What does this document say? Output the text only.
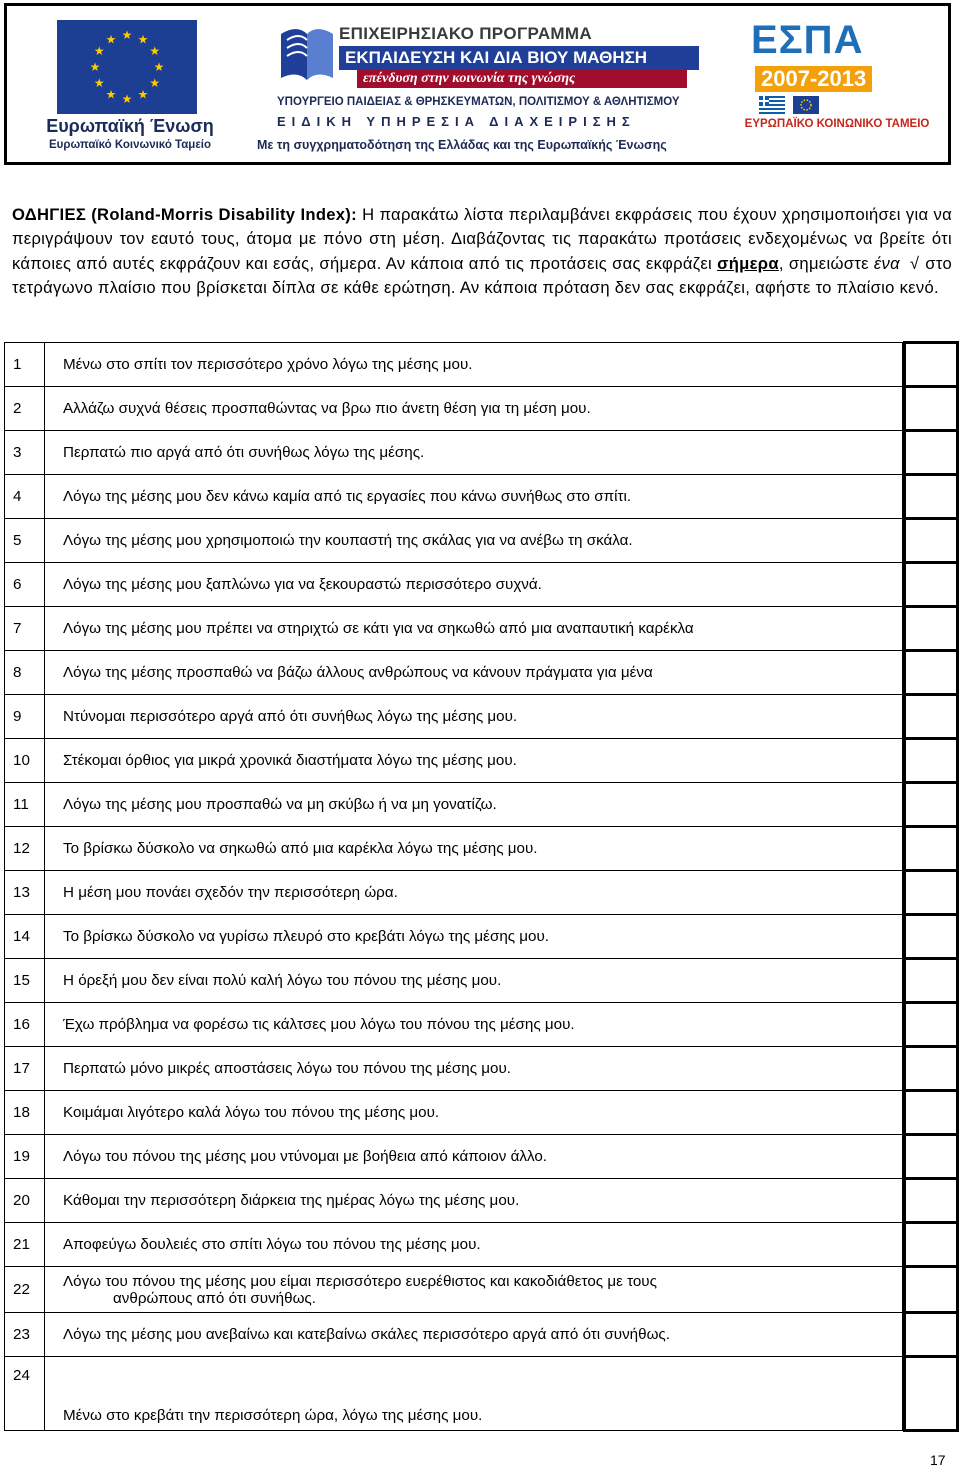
★ ★
★
★
★
★
★
★
★
★
★
★
Ευρωπαϊκή Ένωση
Ευρωπαϊκό Κοινωνικό Ταμείο
ΕΠΙΧΕΙΡΗΣΙΑΚΟ ΠΡΟΓΡΑΜΜΑ
ΕΚΠΑΙΔΕΥΣΗ ΚΑΙ ΔΙΑ ΒΙΟΥ ΜΑΘΗΣΗ
επένδυση στην κοινωνία της γνώσης
ΥΠΟΥΡΓΕΙΟ ΠΑΙΔΕΙΑΣ & ΘΡΗΣΚΕΥΜΑΤΩΝ, ΠΟΛΙΤΙΣΜΟΥ & ΑΘΛΗΤΙΣΜΟΥ
ΕΙΔΙΚΗ ΥΠΗΡΕΣΙΑ ΔΙΑΧΕΙΡΙΣΗΣ
Με τη συγχρηματοδότηση της Ελλάδας και της Ευρωπαϊκής Ένωσης
ΕΣΠΑ
2007-2013
ΕΥΡΩΠΑΪΚΟ ΚΟΙΝΩΝΙΚΟ ΤΑΜΕΙΟ
ΟΔΗΓΙΕΣ (Roland-Morris Disability Index): Η παρακάτω λίστα περιλαμβάνει εκφράσεις που έχουν χρησιμοποιήσει για να περιγράψουν τον εαυτό τους, άτομα με πόνο στη μέση. Διαβάζοντας τις παρακάτω προτάσεις ενδεχομένως να βρείτε ότι κάποιες από αυτές εκφράζουν και εσάς, σήμερα. Αν κάποια από τις προτάσεις σας εκφράζει σήμερα, σημειώστε ένα √ στο τετράγωνο πλαίσιο που βρίσκεται δίπλα σε κάθε ερώτηση. Αν κάποια πρόταση δεν σας εκφράζει, αφήστε το πλαίσιο κενό.
1	Μένω στο σπίτι τον περισσότερο χρόνο λόγω της μέσης μου.		
2	Αλλάζω συχνά θέσεις προσπαθώντας να βρω πιο άνετη θέση για τη μέση μου.		
3	Περπατώ πιο αργά από ότι συνήθως λόγω της μέσης.		
4	Λόγω της μέσης μου δεν κάνω καμία από τις εργασίες που κάνω συνήθως στο σπίτι.		
5	Λόγω της μέσης μου χρησιμοποιώ την κουπαστή της σκάλας για να ανέβω τη σκάλα.		
6	Λόγω της μέσης μου ξαπλώνω για να ξεκουραστώ περισσότερο συχνά.		
7	Λόγω της μέσης μου πρέπει να στηριχτώ σε κάτι για να σηκωθώ από μια αναπαυτική καρέκλα		
8	Λόγω της μέσης προσπαθώ να βάζω άλλους ανθρώπους να κάνουν πράγματα για μένα		
9	Ντύνομαι περισσότερο αργά από ότι συνήθως λόγω της μέσης μου.		
10	Στέκομαι όρθιος για μικρά χρονικά διαστήματα λόγω της μέσης μου.		
11	Λόγω της μέσης μου προσπαθώ να μη σκύβω ή να μη γονατίζω.		
12	Το βρίσκω δύσκολο να σηκωθώ από μια καρέκλα λόγω της μέσης μου.		
13	Η μέση μου πονάει σχεδόν την περισσότερη ώρα.		
14	Το βρίσκω δύσκολο να γυρίσω πλευρό στο κρεβάτι λόγω της μέσης μου.		
15	Η όρεξή μου δεν είναι πολύ καλή λόγω του πόνου της μέσης μου.		
16	Έχω πρόβλημα να φορέσω τις κάλτσες μου λόγω του πόνου της μέσης μου.		
17	Περπατώ μόνο μικρές αποστάσεις λόγω του πόνου της μέσης μου.		
18	Κοιμάμαι λιγότερο καλά λόγω του πόνου της μέσης μου.		
19	Λόγω του πόνου της μέσης μου ντύνομαι με βοήθεια από κάποιον άλλο.		
20	Κάθομαι την περισσότερη διάρκεια της ημέρας λόγω της μέσης μου.		
21	Αποφεύγω δουλειές στο σπίτι λόγω του πόνου της μέσης μου.		
22	Λόγω του πόνου της μέσης μου είμαι περισσότερο ευερέθιστος και κακοδιάθετος με τους
ανθρώπους από ότι συνήθως.		

23	Λόγω της μέσης μου ανεβαίνω και κατεβαίνω σκάλες περισσότερο αργά από ότι συνήθως.		
24	Μένω στο κρεβάτι την περισσότερη ώρα, λόγω της μέσης μου.		
17
